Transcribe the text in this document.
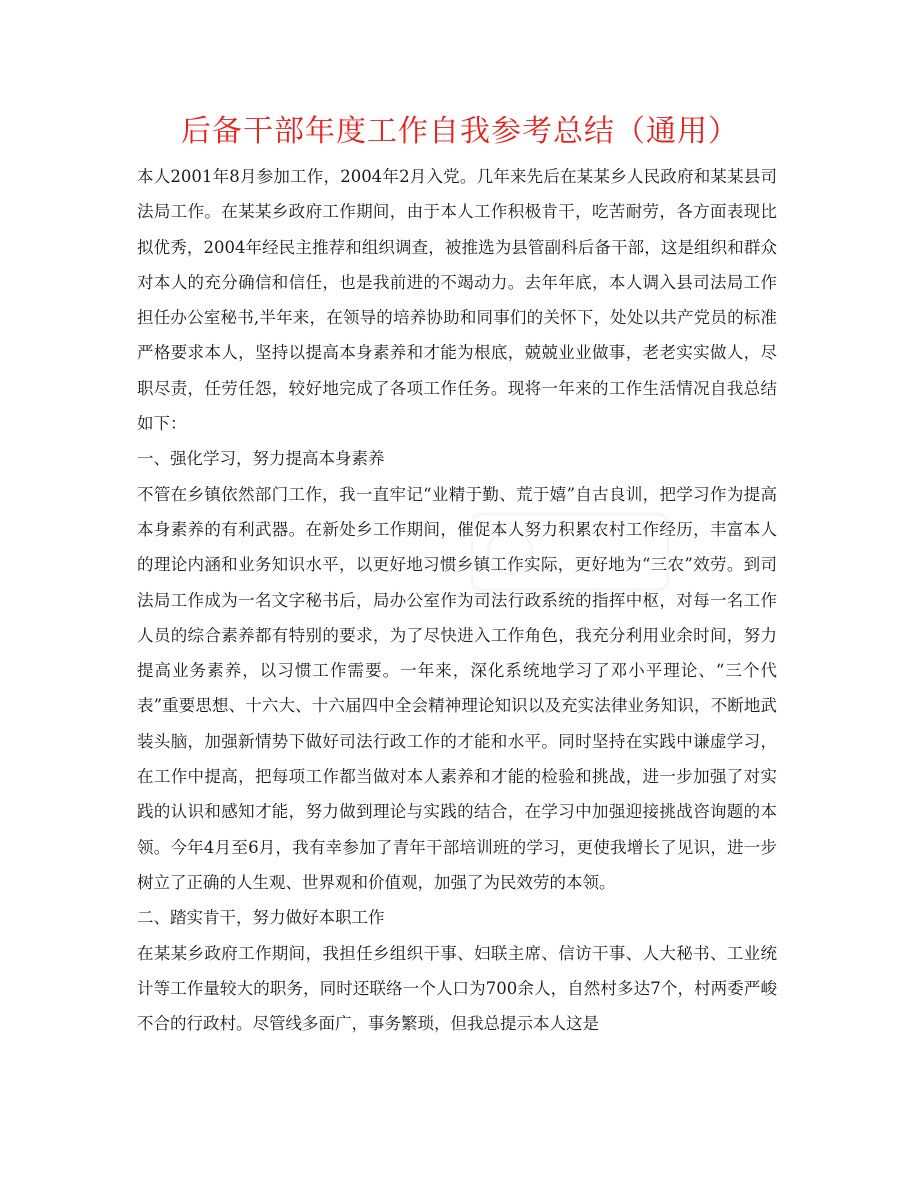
后备干部年度工作自我参考总结（通用）

本人2001年8月参加工作，2004年2月入党。几年来先后在某某乡人民政府和某某县司法局工作。在某某乡政府工作期间，由于本人工作积极肯干，吃苦耐劳，各方面表现比拟优秀，2004年经民主推荐和组织调查，被推选为县管副科后备干部，这是组织和群众对本人的充分确信和信任，也是我前进的不竭动力。去年年底，本人调入县司法局工作担任办公室秘书,半年来，在领导的培养协助和同事们的关怀下，处处以共产党员的标准严格要求本人，坚持以提高本身素养和才能为根底，兢兢业业做事，老老实实做人，尽职尽责，任劳任怨，较好地完成了各项工作任务。现将一年来的工作生活情况自我总结如下：

一、强化学习，努力提高本身素养

不管在乡镇依然部门工作，我一直牢记“业精于勤、荒于嬉”自古良训，把学习作为提高本身素养的有利武器。在新处乡工作期间，催促本人努力积累农村工作经历，丰富本人的理论内涵和业务知识水平，以更好地习惯乡镇工作实际，更好地为“三农”效劳。到司法局工作成为一名文字秘书后，局办公室作为司法行政系统的指挥中枢，对每一名工作人员的综合素养都有特别的要求，为了尽快进入工作角色，我充分利用业余时间，努力提高业务素养，以习惯工作需要。一年来，深化系统地学习了邓小平理论、“三个代表”重要思想、十六大、十六届四中全会精神理论知识以及充实法律业务知识，不断地武装头脑，加强新情势下做好司法行政工作的才能和水平。同时坚持在实践中谦虚学习，在工作中提高，把每项工作都当做对本人素养和才能的检验和挑战，进一步加强了对实践的认识和感知才能，努力做到理论与实践的结合，在学习中加强迎接挑战咨询题的本领。今年4月至6月，我有幸参加了青年干部培训班的学习，更使我增长了见识，进一步树立了正确的人生观、世界观和价值观，加强了为民效劳的本领。

二、踏实肯干，努力做好本职工作

在某某乡政府工作期间，我担任乡组织干事、妇联主席、信访干事、人大秘书、工业统计等工作量较大的职务，同时还联络一个人口为700余人，自然村多达7个，村两委严峻不合的行政村。尽管线多面广，事务繁琐，但我总提示本人这是
